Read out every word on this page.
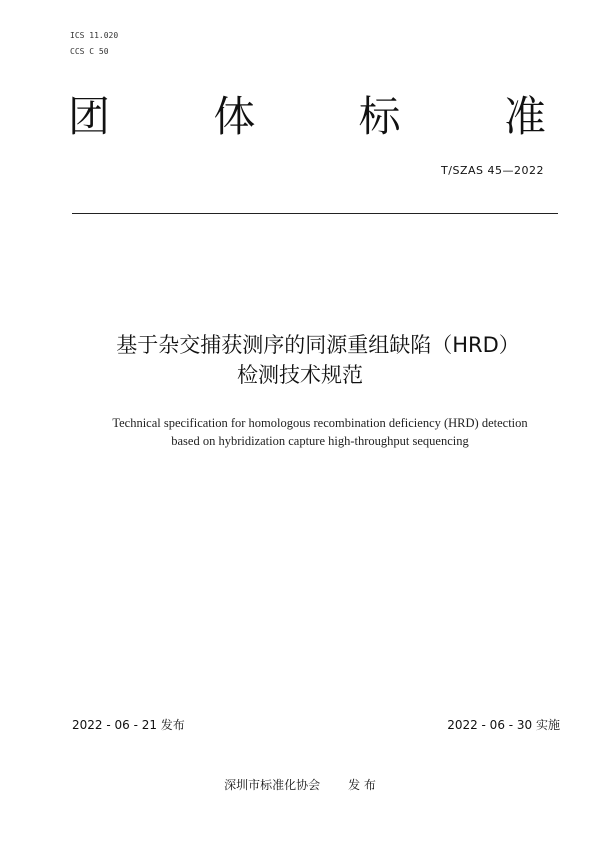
ICS 11.020
CCS C 50
团 体 标 准
T/SZAS 45—2022
基于杂交捕获测序的同源重组缺陷（HRD）
检测技术规范
Technical specification for homologous recombination deficiency (HRD) detection
based on hybridization capture high-throughput sequencing
2022 - 06 - 21 发布	2022 - 06 - 30 实施
深圳市标准化协会 发 布
